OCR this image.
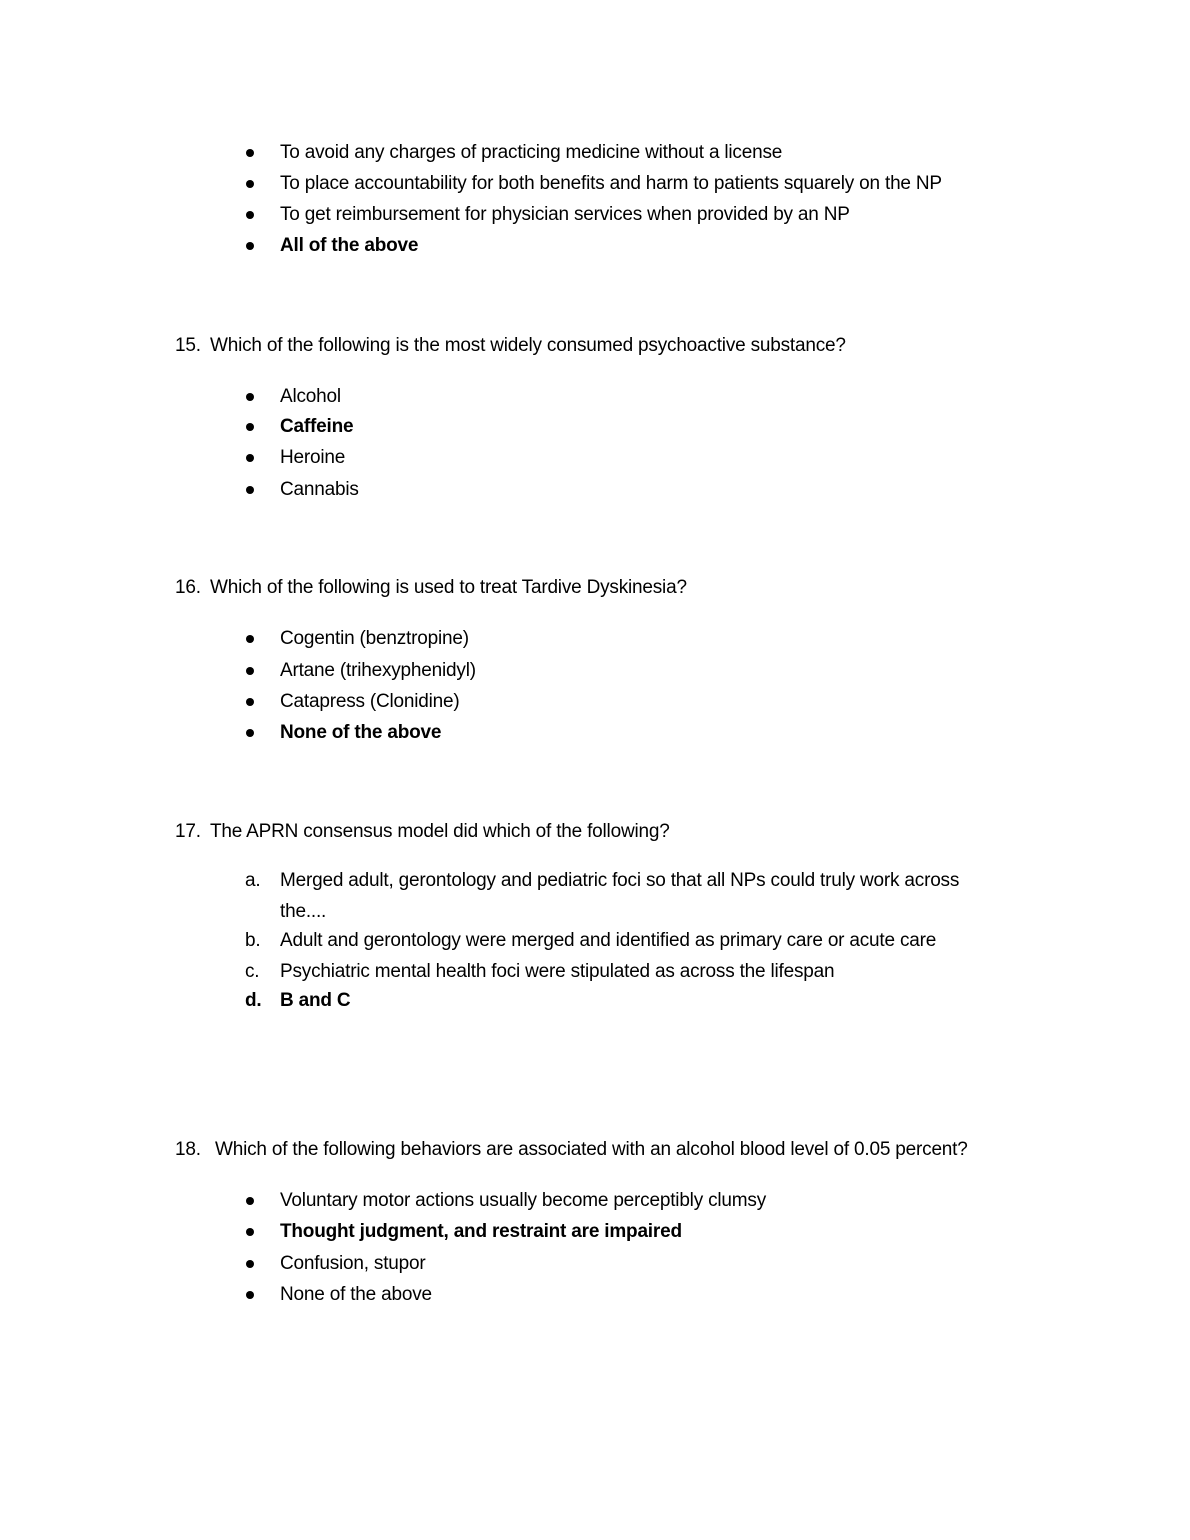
To avoid any charges of practicing medicine without a license
To place accountability for both benefits and harm to patients squarely on the NP
To get reimbursement for physician services when provided by an NP
All of the above
15. Which of the following is the most widely consumed psychoactive substance?
Alcohol
Caffeine
Heroine
Cannabis
16. Which of the following is used to treat Tardive Dyskinesia?
Cogentin (benztropine)
Artane (trihexyphenidyl)
Catapress (Clonidine)
None of the above
17. The APRN consensus model did which of the following?
a. Merged adult, gerontology and pediatric foci so that all NPs could truly work across
the....
b. Adult and gerontology were merged and identified as primary care or acute care
c. Psychiatric mental health foci were stipulated as across the lifespan
d. B and C
18. Which of the following behaviors are associated with an alcohol blood level of 0.05 percent?
Voluntary motor actions usually become perceptibly clumsy
Thought judgment, and restraint are impaired
Confusion, stupor
None of the above
